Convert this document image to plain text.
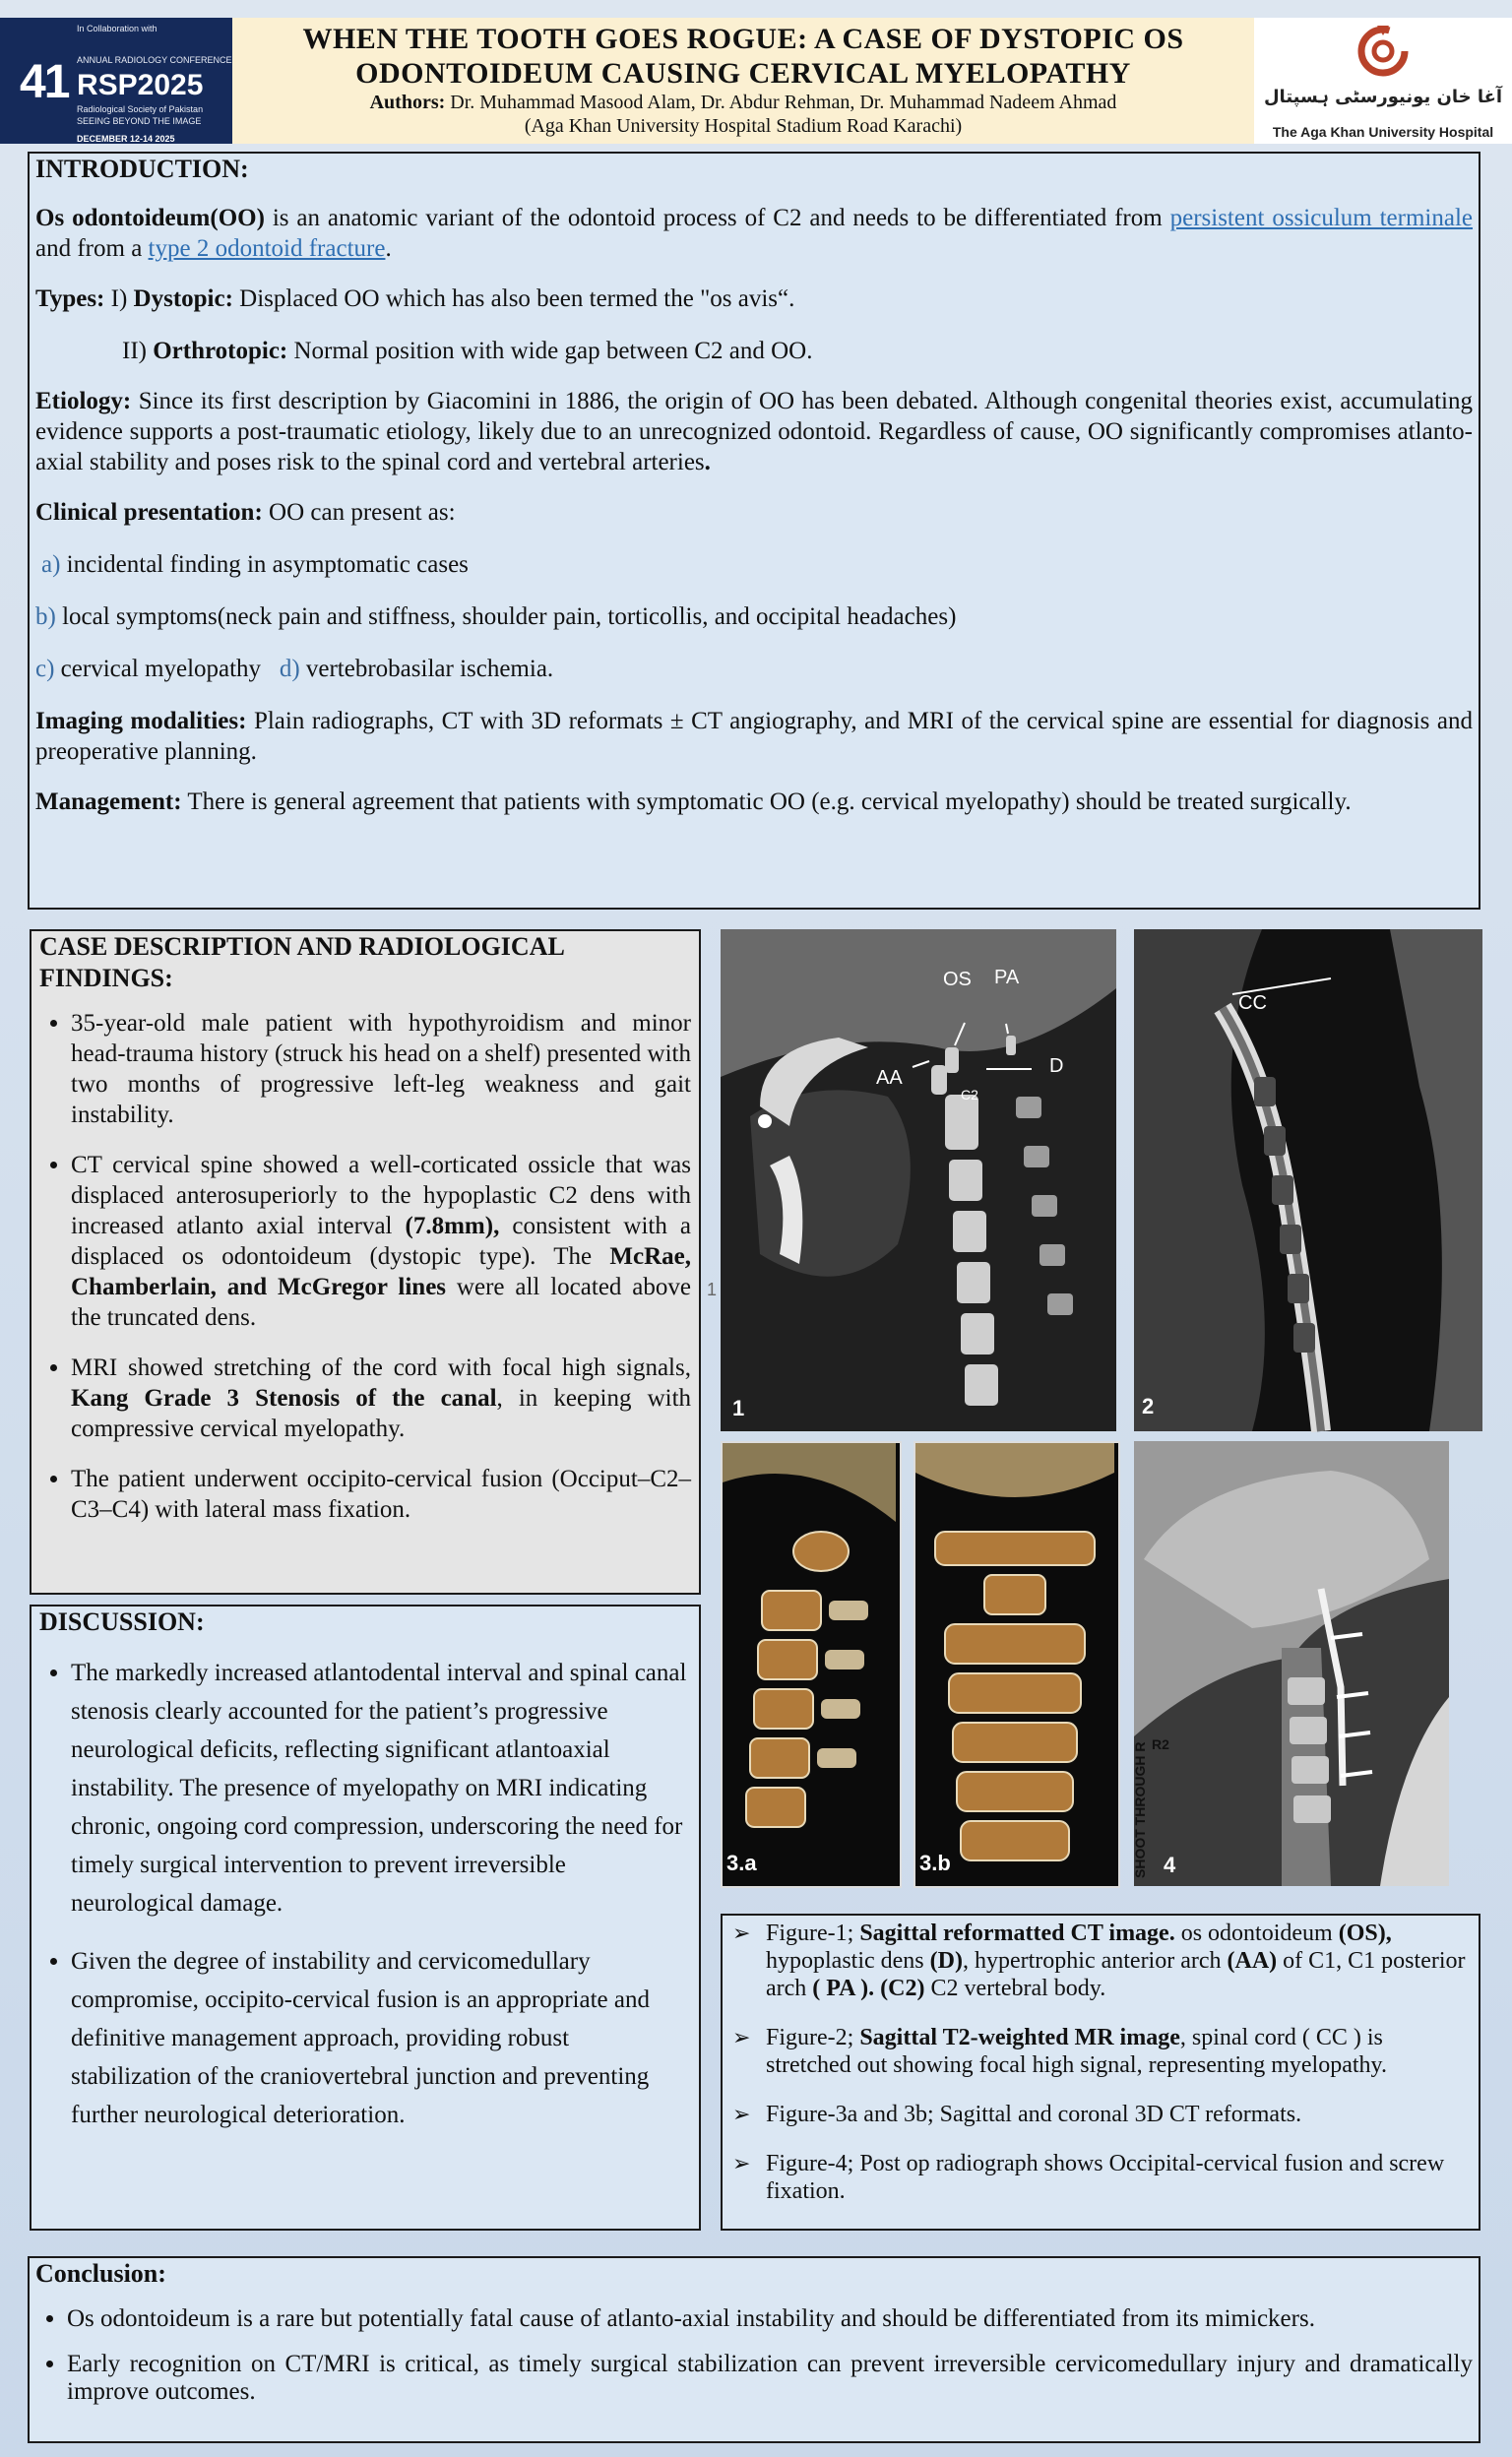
In Collaboration with
ANNUAL RADIOLOGY CONFERENCE
41 RSP2025
Radiological Society of Pakistan
SEEING BEYOND THE IMAGE
DECEMBER 12-14 2025
WHEN THE TOOTH GOES ROGUE: A CASE OF DYSTOPIC OS
ODONTOIDEUM CAUSING CERVICAL MYELOPATHY
Authors: Dr. Muhammad Masood Alam, Dr. Abdur Rehman, Dr. Muhammad Nadeem Ahmad
(Aga Khan University Hospital Stadium Road Karachi)
آغا خان یونیورسٹی ہسپتال
The Aga Khan University Hospital

INTRODUCTION:

Os odontoideum(OO) is an anatomic variant of the odontoid process of C2 and needs to be differentiated from persistent ossiculum terminale and from a type 2 odontoid fracture.

Types: I) Dystopic: Displaced OO which has also been termed the "os avis“.

II) Orthrotopic: Normal position with wide gap between C2 and OO.

Etiology: Since its first description by Giacomini in 1886, the origin of OO has been debated. Although congenital theories exist, accumulating evidence supports a post-traumatic etiology, likely due to an unrecognized odontoid. Regardless of cause, OO significantly compromises atlanto-axial stability and poses risk to the spinal cord and vertebral arteries.

Clinical presentation: OO can present as:

a) incidental finding in asymptomatic cases

b) local symptoms(neck pain and stiffness, shoulder pain, torticollis, and occipital headaches)

c) cervical myelopathy d) vertebrobasilar ischemia.

Imaging modalities: Plain radiographs, CT with 3D reformats ± CT angiography, and MRI of the cervical spine are essential for diagnosis and preoperative planning.

Management: There is general agreement that patients with symptomatic OO (e.g. cervical myelopathy) should be treated surgically.

CASE DESCRIPTION AND RADIOLOGICAL FINDINGS:

• 35-year-old male patient with hypothyroidism and minor head-trauma history (struck his head on a shelf) presented with two months of progressive left-leg weakness and gait instability.
• CT cervical spine showed a well-corticated ossicle that was displaced anterosuperiorly to the hypoplastic C2 dens with increased atlanto axial interval (7.8mm), consistent with a displaced os odontoideum (dystopic type). The McRae, Chamberlain, and McGregor lines were all located above the truncated dens.
• MRI showed stretching of the cord with focal high signals, Kang Grade 3 Stenosis of the canal, in keeping with compressive cervical myelopathy.
• The patient underwent occipito-cervical fusion (Occiput–C2–C3–C4) with lateral mass fixation.

DISCUSSION:

• The markedly increased atlantodental interval and spinal canal stenosis clearly accounted for the patient’s progressive neurological deficits, reflecting significant atlantoaxial instability. The presence of myelopathy on MRI indicating chronic, ongoing cord compression, underscoring the need for timely surgical intervention to prevent irreversible neurological damage.
• Given the degree of instability and cervicomedullary compromise, occipito-cervical fusion is an appropriate and definitive management approach, providing robust stabilization of the craniovertebral junction and preventing further neurological deterioration.
OS PA
AA
D
C2
1
1
CC
2
3.a	3.b	SHOOT THROUGH R R2
4
➢ Figure-1; Sagittal reformatted CT image. os odontoideum (OS), hypoplastic dens (D), hypertrophic anterior arch (AA) of C1, C1 posterior arch ( PA ). (C2) C2 vertebral body.
➢ Figure-2; Sagittal T2-weighted MR image, spinal cord ( CC ) is stretched out showing focal high signal, representing myelopathy.
➢ Figure-3a and 3b; Sagittal and coronal 3D CT reformats.
➢ Figure-4; Post op radiograph shows Occipital-cervical fusion and screw fixation.

Conclusion:

• Os odontoideum is a rare but potentially fatal cause of atlanto-axial instability and should be differentiated from its mimickers.
• Early recognition on CT/MRI is critical, as timely surgical stabilization can prevent irreversible cervicomedullary injury and dramatically improve outcomes.
